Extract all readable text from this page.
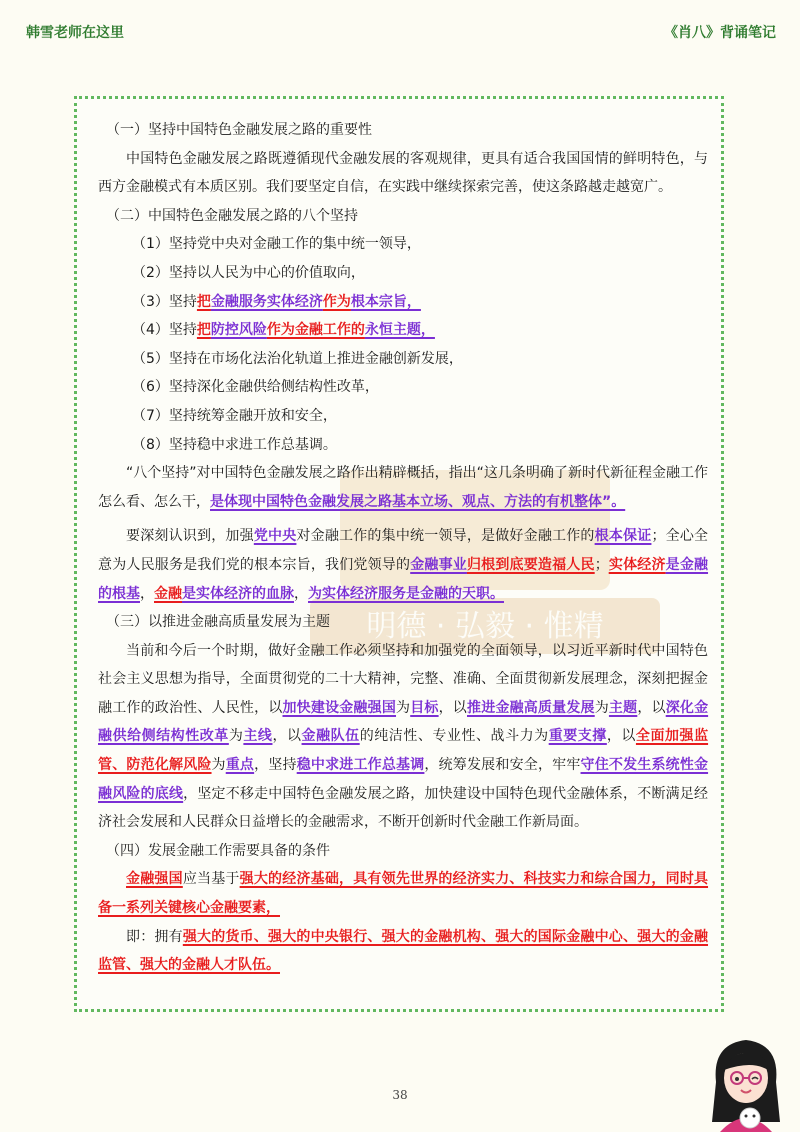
韩雪老师在这里	《肖八》背诵笔记
明德 · 弘毅 · 惟精

（一）坚持中国特色金融发展之路的重要性

中国特色金融发展之路既遵循现代金融发展的客观规律，更具有适合我国国情的鲜明特色，与西方金融模式有本质区别。我们要坚定自信，在实践中继续探索完善，使这条路越走越宽广。

（二）中国特色金融发展之路的八个坚持

（1）坚持党中央对金融工作的集中统一领导，

（2）坚持以人民为中心的价值取向，

（3）坚持把金融服务实体经济作为根本宗旨，

（4）坚持把防控风险作为金融工作的永恒主题，

（5）坚持在市场化法治化轨道上推进金融创新发展，

（6）坚持深化金融供给侧结构性改革，

（7）坚持统筹金融开放和安全，

（8）坚持稳中求进工作总基调。

“八个坚持”对中国特色金融发展之路作出精辟概括，指出“这几条明确了新时代新征程金融工作怎么看、怎么干，是体现中国特色金融发展之路基本立场、观点、方法的有机整体”。

要深刻认识到，加强党中央对金融工作的集中统一领导，是做好金融工作的根本保证；全心全意为人民服务是我们党的根本宗旨，我们党领导的金融事业归根到底要造福人民；实体经济是金融的根基，金融是实体经济的血脉，为实体经济服务是金融的天职。

（三）以推进金融高质量发展为主题

当前和今后一个时期，做好金融工作必须坚持和加强党的全面领导，以习近平新时代中国特色社会主义思想为指导，全面贯彻党的二十大精神，完整、准确、全面贯彻新发展理念，深刻把握金融工作的政治性、人民性，以加快建设金融强国为目标，以推进金融高质量发展为主题，以深化金融供给侧结构性改革为主线，以金融队伍的纯洁性、专业性、战斗力为重要支撑，以全面加强监管、防范化解风险为重点，坚持稳中求进工作总基调，统筹发展和安全，牢牢守住不发生系统性金融风险的底线，坚定不移走中国特色金融发展之路，加快建设中国特色现代金融体系，不断满足经济社会发展和人民群众日益增长的金融需求，不断开创新时代金融工作新局面。

（四）发展金融工作需要具备的条件

金融强国应当基于强大的经济基础，具有领先世界的经济实力、科技实力和综合国力，同时具备一系列关键核心金融要素，

即：拥有强大的货币、强大的中央银行、强大的金融机构、强大的国际金融中心、强大的金融监管、强大的金融人才队伍。

38
